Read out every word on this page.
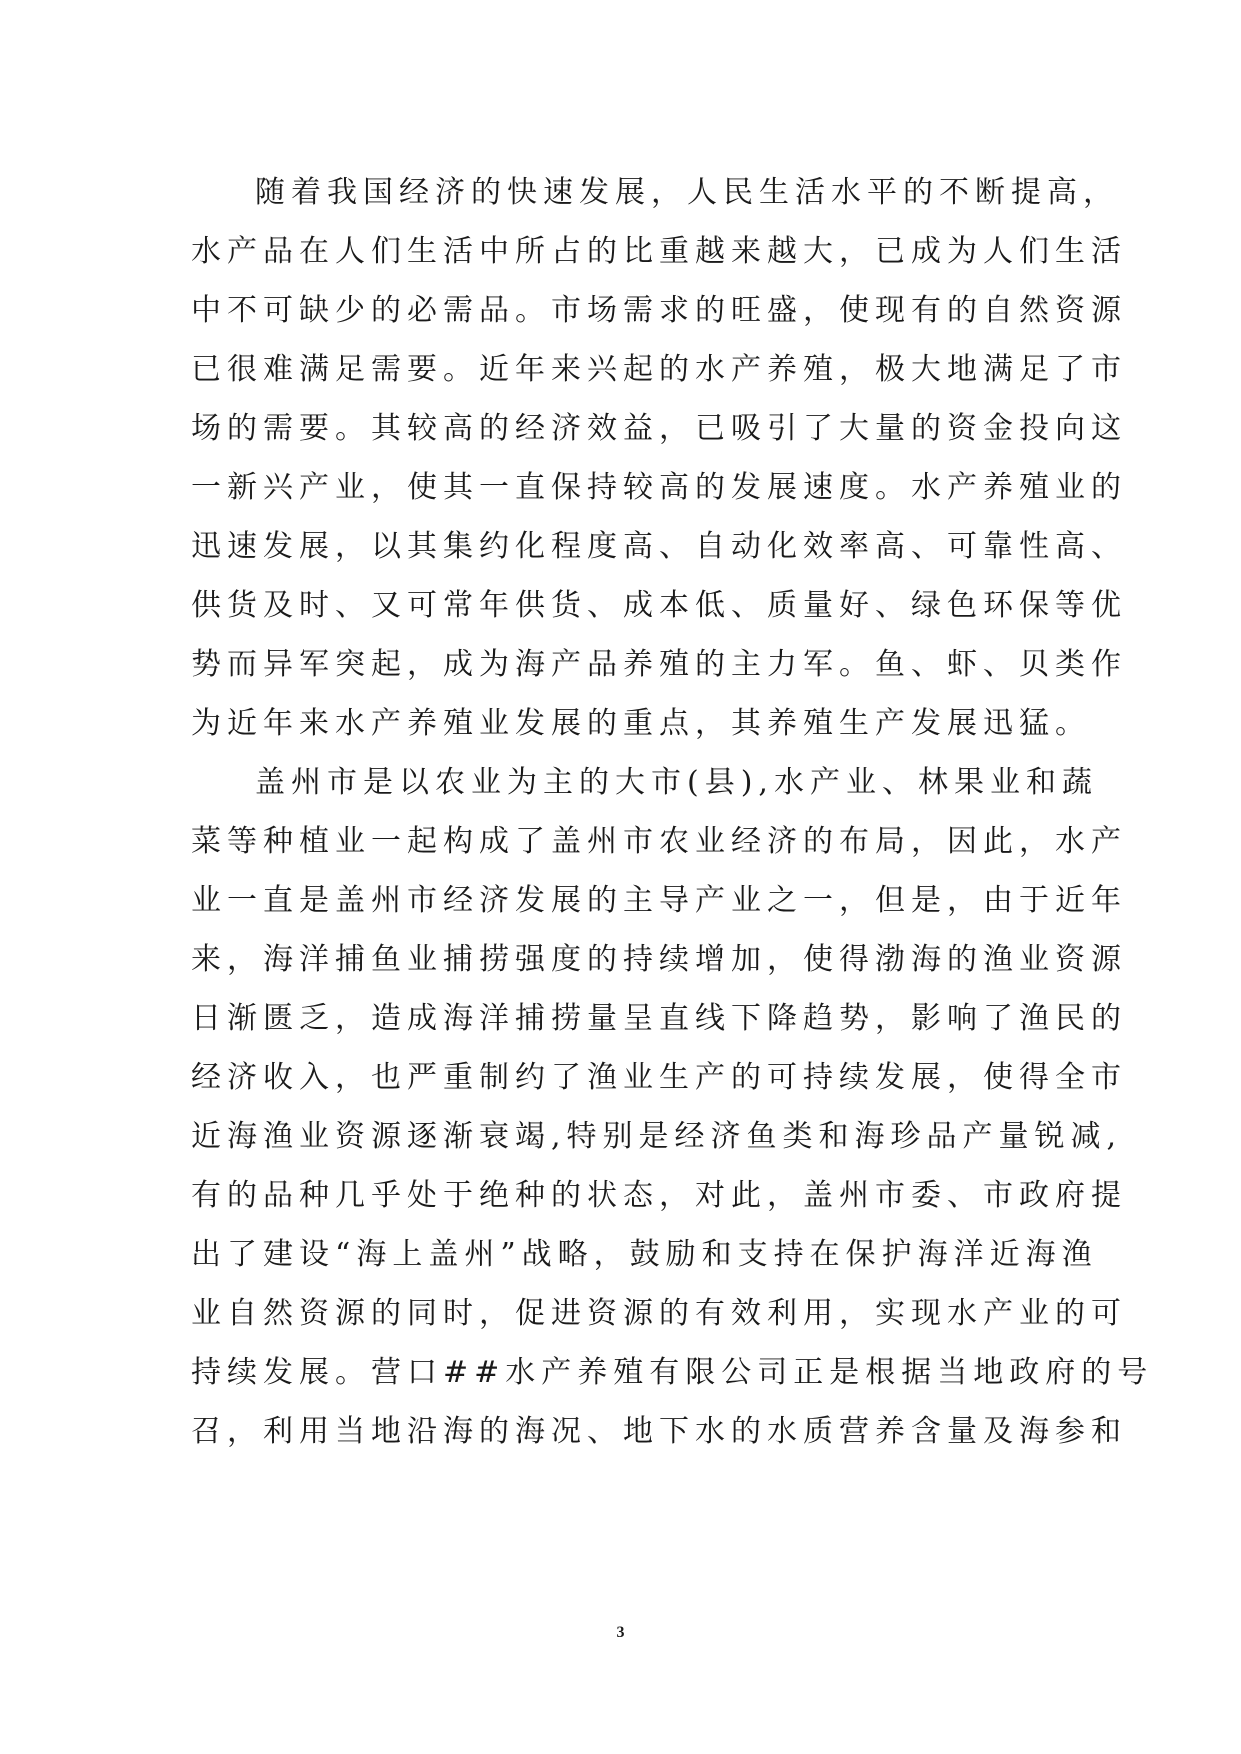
随着我国经济的快速发展，人民生活水平的不断提高，
水产品在人们生活中所占的比重越来越大，已成为人们生活
中不可缺少的必需品。市场需求的旺盛，使现有的自然资源
已很难满足需要。近年来兴起的水产养殖，极大地满足了市
场的需要。其较高的经济效益，已吸引了大量的资金投向这
一新兴产业，使其一直保持较高的发展速度。水产养殖业的
迅速发展，以其集约化程度高、自动化效率高、可靠性高、
供货及时、又可常年供货、成本低、质量好、绿色环保等优
势而异军突起，成为海产品养殖的主力军。鱼、虾、贝类作
为近年来水产养殖业发展的重点，其养殖生产发展迅猛。
盖州市是以农业为主的大市(县),水产业、林果业和蔬
菜等种植业一起构成了盖州市农业经济的布局，因此，水产
业一直是盖州市经济发展的主导产业之一，但是，由于近年
来，海洋捕鱼业捕捞强度的持续增加，使得渤海的渔业资源
日渐匮乏，造成海洋捕捞量呈直线下降趋势，影响了渔民的
经济收入，也严重制约了渔业生产的可持续发展，使得全市
近海渔业资源逐渐衰竭,特别是经济鱼类和海珍品产量锐减,
有的品种几乎处于绝种的状态，对此，盖州市委、市政府提
出了建设“海上盖州”战略，鼓励和支持在保护海洋近海渔
业自然资源的同时，促进资源的有效利用，实现水产业的可
持续发展。营口##水产养殖有限公司正是根据当地政府的号
召，利用当地沿海的海况、地下水的水质营养含量及海参和
3
